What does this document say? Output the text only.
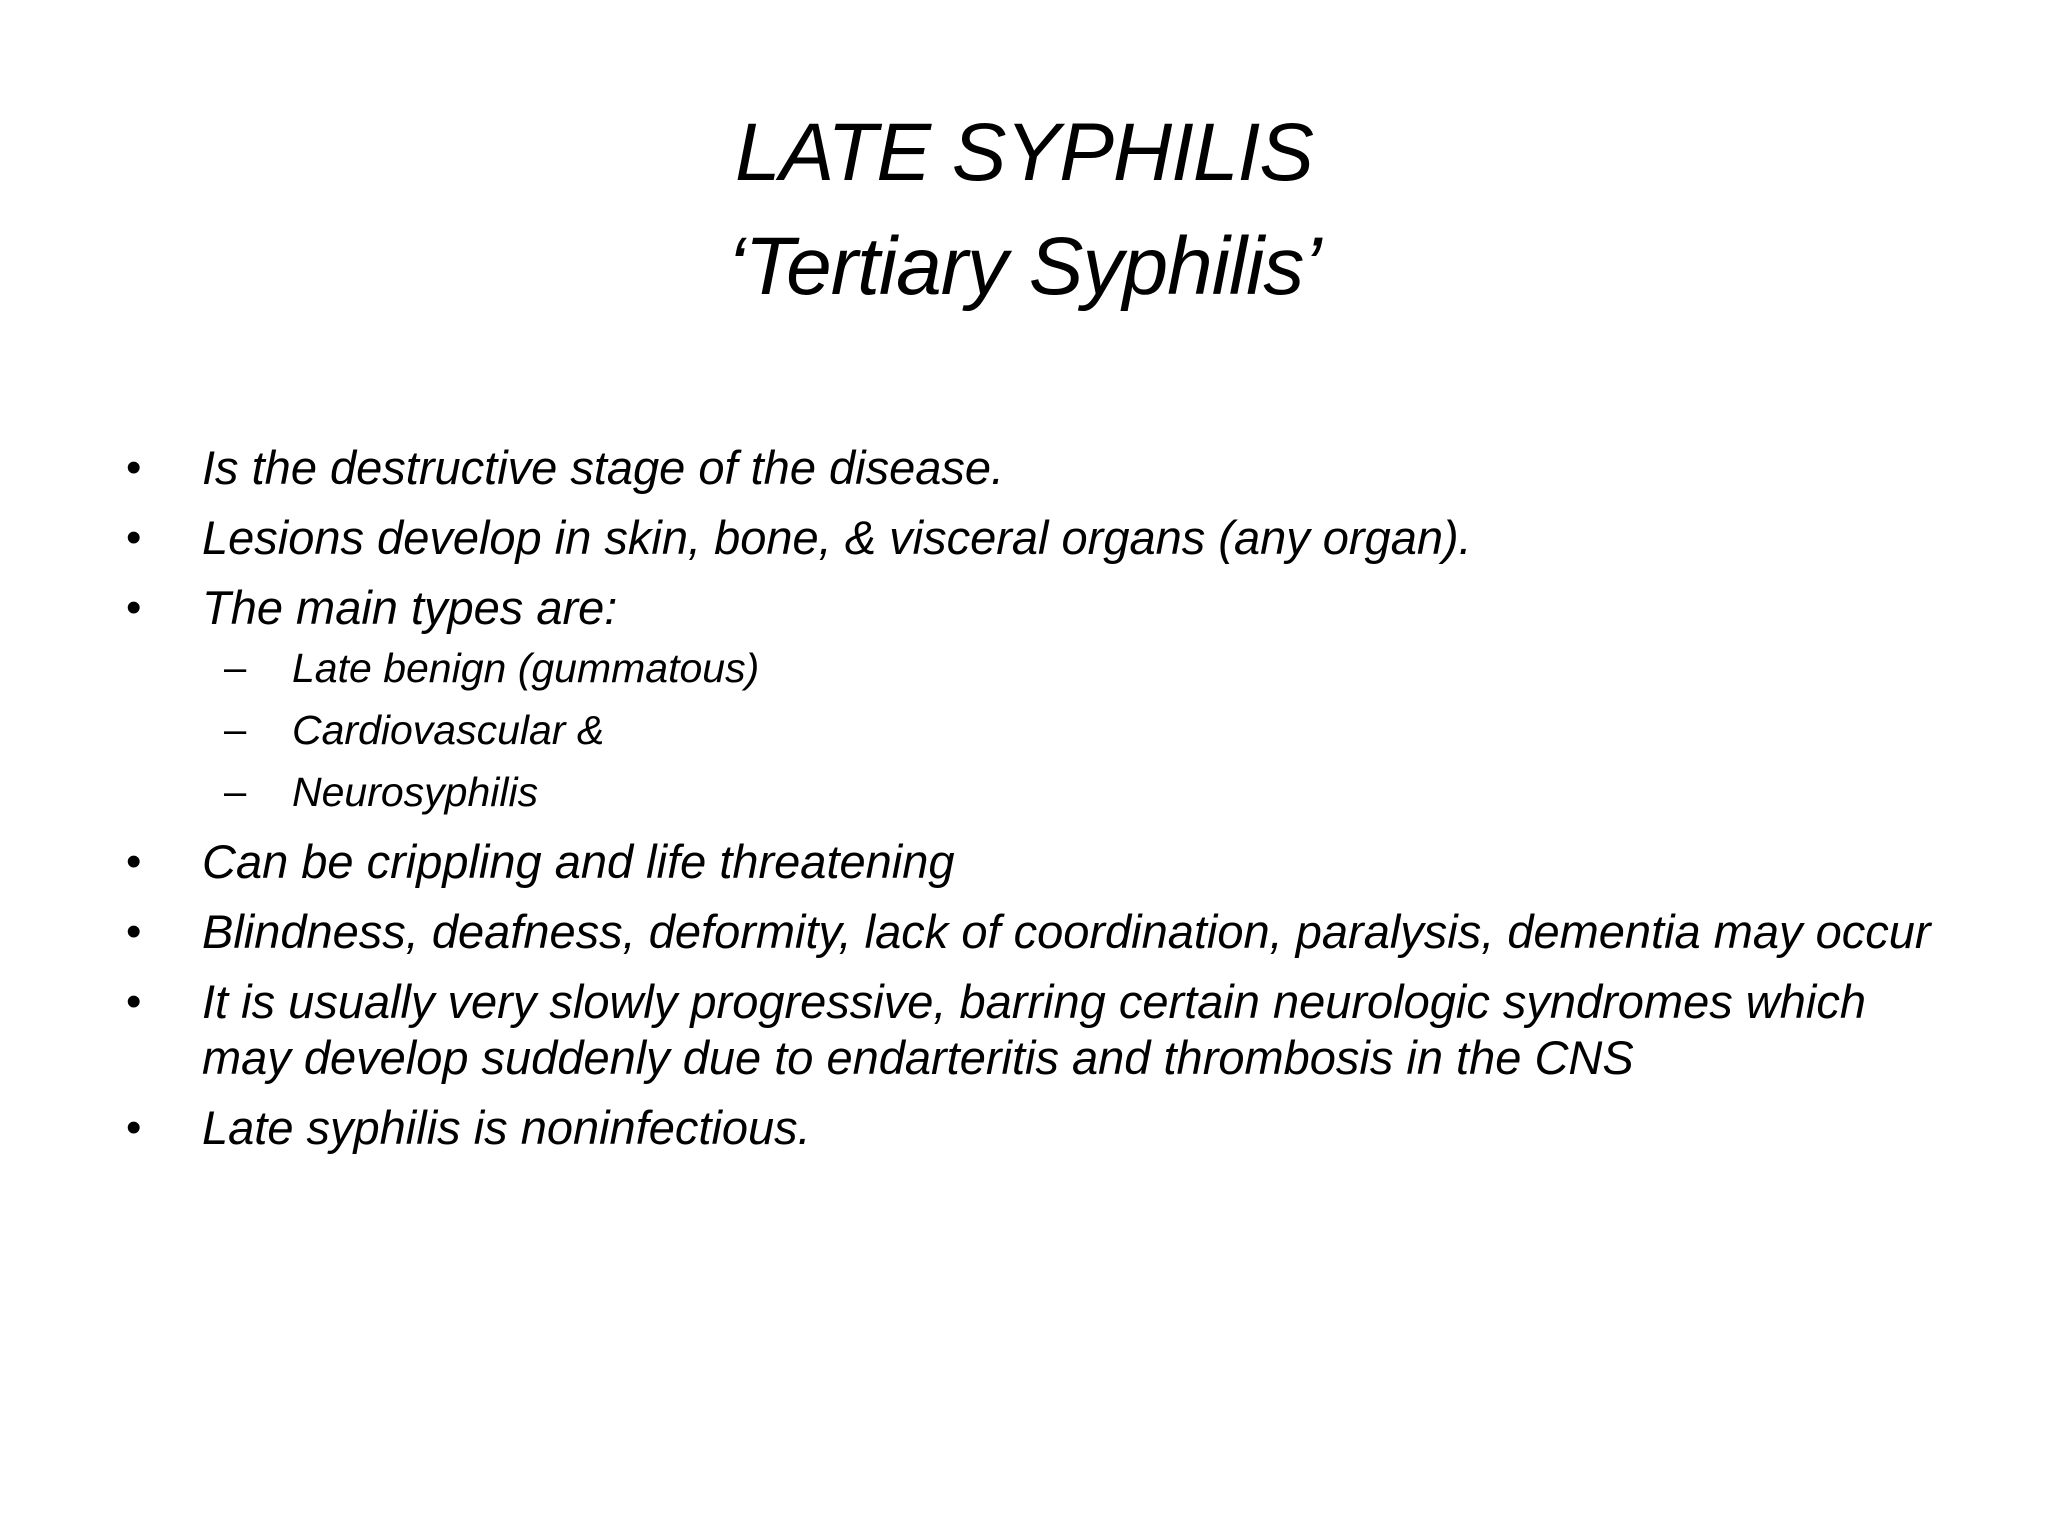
LATE SYPHILIS
‘Tertiary Syphilis’
• Is the destructive stage of the disease.
• Lesions develop in skin, bone, & visceral organs (any organ).
• The main types are:
– Late benign (gummatous)
– Cardiovascular &
– Neurosyphilis
• Can be crippling and life threatening
• Blindness, deafness, deformity, lack of coordination, paralysis, dementia may occur
• It is usually very slowly progressive, barring certain neurologic syndromes which may develop suddenly due to endarteritis and thrombosis in the CNS
• Late syphilis is noninfectious.
